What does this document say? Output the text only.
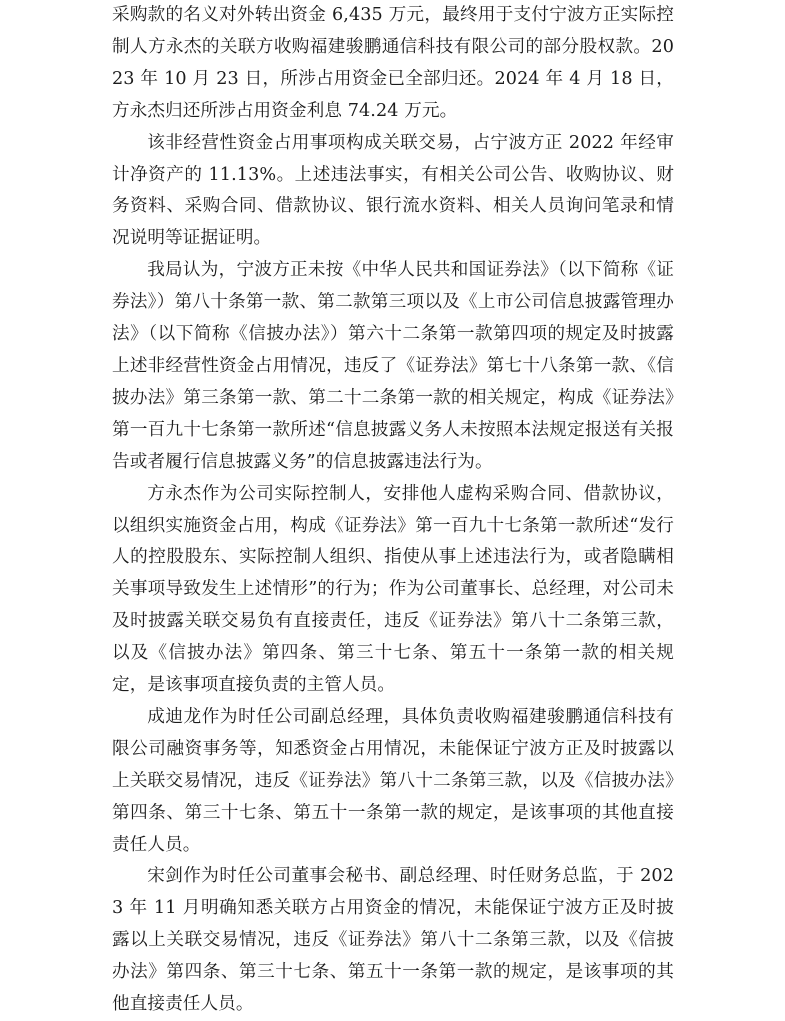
采购款的名义对外转出资金 6,435 万元，最终用于支付宁波方正实际控制人方永杰的关联方收购福建骏鹏通信科技有限公司的部分股权款。2023 年 10 月 23 日，所涉占用资金已全部归还。2024 年 4 月 18 日，方永杰归还所涉占用资金利息 74.24 万元。

该非经营性资金占用事项构成关联交易，占宁波方正 2022 年经审计净资产的 11.13%。上述违法事实，有相关公司公告、收购协议、财务资料、采购合同、借款协议、银行流水资料、相关人员询问笔录和情况说明等证据证明。

我局认为，宁波方正未按《中华人民共和国证券法》（以下简称《证券法》）第八十条第一款、第二款第三项以及《上市公司信息披露管理办法》（以下简称《信披办法》）第六十二条第一款第四项的规定及时披露上述非经营性资金占用情况，违反了《证券法》第七十八条第一款、《信披办法》第三条第一款、第二十二条第一款的相关规定，构成《证券法》第一百九十七条第一款所述“信息披露义务人未按照本法规定报送有关报告或者履行信息披露义务”的信息披露违法行为。

方永杰作为公司实际控制人，安排他人虚构采购合同、借款协议，以组织实施资金占用，构成《证券法》第一百九十七条第一款所述“发行人的控股股东、实际控制人组织、指使从事上述违法行为，或者隐瞒相关事项导致发生上述情形”的行为；作为公司董事长、总经理，对公司未及时披露关联交易负有直接责任，违反《证券法》第八十二条第三款，以及《信披办法》第四条、第三十七条、第五十一条第一款的相关规定，是该事项直接负责的主管人员。

成迪龙作为时任公司副总经理，具体负责收购福建骏鹏通信科技有限公司融资事务等，知悉资金占用情况，未能保证宁波方正及时披露以上关联交易情况，违反《证券法》第八十二条第三款，以及《信披办法》第四条、第三十七条、第五十一条第一款的规定，是该事项的其他直接责任人员。

宋剑作为时任公司董事会秘书、副总经理、时任财务总监，于 2023 年 11 月明确知悉关联方占用资金的情况，未能保证宁波方正及时披露以上关联交易情况，违反《证券法》第八十二条第三款，以及《信披办法》第四条、第三十七条、第五十一条第一款的规定，是该事项的其他直接责任人员。
